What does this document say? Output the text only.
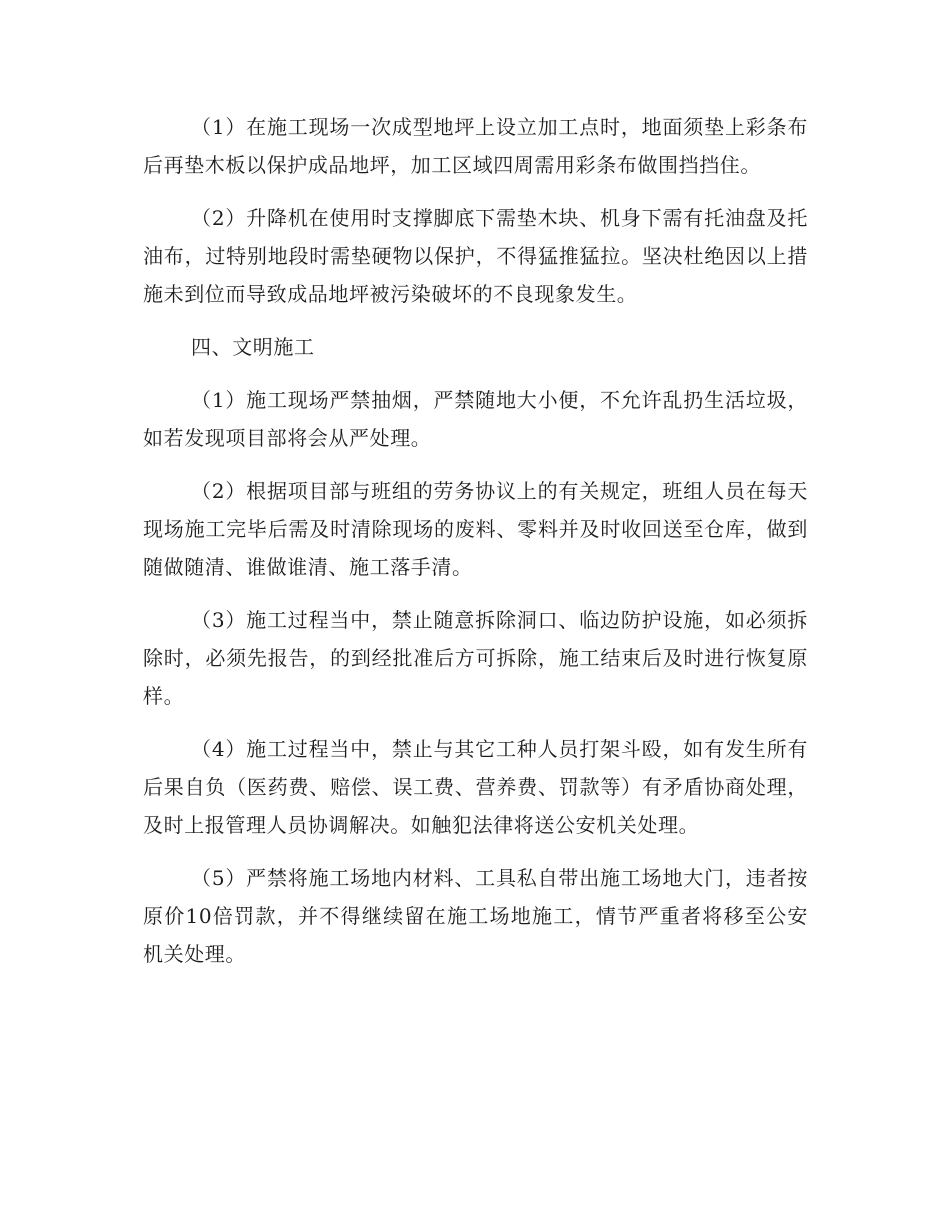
（1）在施工现场一次成型地坪上设立加工点时，地面须垫上彩条布后再垫木板以保护成品地坪，加工区域四周需用彩条布做围挡挡住。

（2）升降机在使用时支撑脚底下需垫木块、机身下需有托油盘及托油布，过特别地段时需垫硬物以保护，不得猛推猛拉。坚决杜绝因以上措施未到位而导致成品地坪被污染破坏的不良现象发生。

四、文明施工

（1）施工现场严禁抽烟，严禁随地大小便，不允许乱扔生活垃圾，如若发现项目部将会从严处理。

（2）根据项目部与班组的劳务协议上的有关规定，班组人员在每天现场施工完毕后需及时清除现场的废料、零料并及时收回送至仓库，做到随做随清、谁做谁清、施工落手清。

（3）施工过程当中，禁止随意拆除洞口、临边防护设施，如必须拆除时，必须先报告，的到经批准后方可拆除，施工结束后及时进行恢复原样。

（4）施工过程当中，禁止与其它工种人员打架斗殴，如有发生所有后果自负（医药费、赔偿、误工费、营养费、罚款等）有矛盾协商处理，及时上报管理人员协调解决。如触犯法律将送公安机关处理。

（5）严禁将施工场地内材料、工具私自带出施工场地大门，违者按原价10倍罚款，并不得继续留在施工场地施工，情节严重者将移至公安机关处理。
